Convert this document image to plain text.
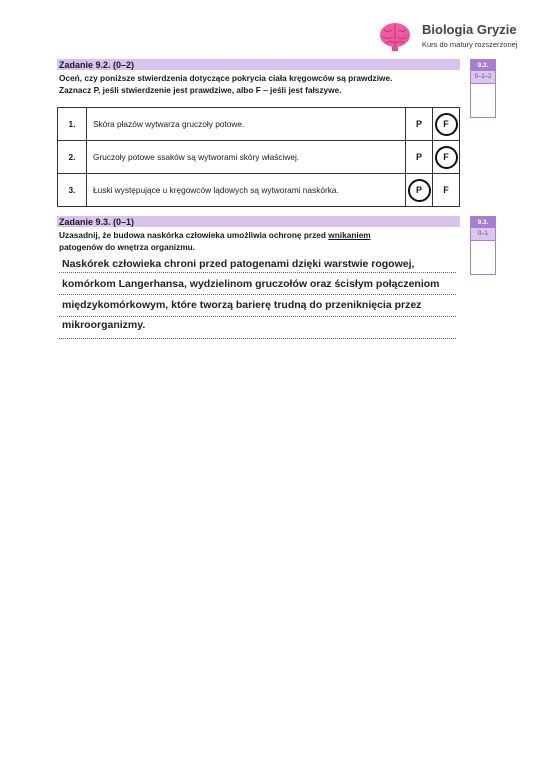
Biologia Gryzie
Kurs do matury rozszerzonej
Zadanie 9.2. (0–2)
Oceń, czy poniższe stwierdzenia dotyczące pokrycia ciała kręgowców są prawdziwe.
Zaznacz P, jeśli stwierdzenie jest prawdziwe, albo F – jeśli jest fałszywe.
9.2.
0–1–2
1.	Skóra płazów wytwarza gruczoły potowe.	P	F
2.	Gruczoły potowe ssaków są wytworami skóry właściwej.	P	F
3.	Łuski występujące u kręgowców lądowych są wytworami naskórka.	P	F
Zadanie 9.3. (0–1)
Uzasadnij, że budowa naskórka człowieka umożliwia ochronę przed wnikaniem
patogenów do wnętrza organizmu.
9.3.
0–1
Naskórek człowieka chroni przed patogenami dzięki warstwie rogowej,
komórkom Langerhansa, wydzielinom gruczołów oraz ścisłym połączeniom
międzykomórkowym, które tworzą barierę trudną do przeniknięcia przez
mikroorganizmy.
